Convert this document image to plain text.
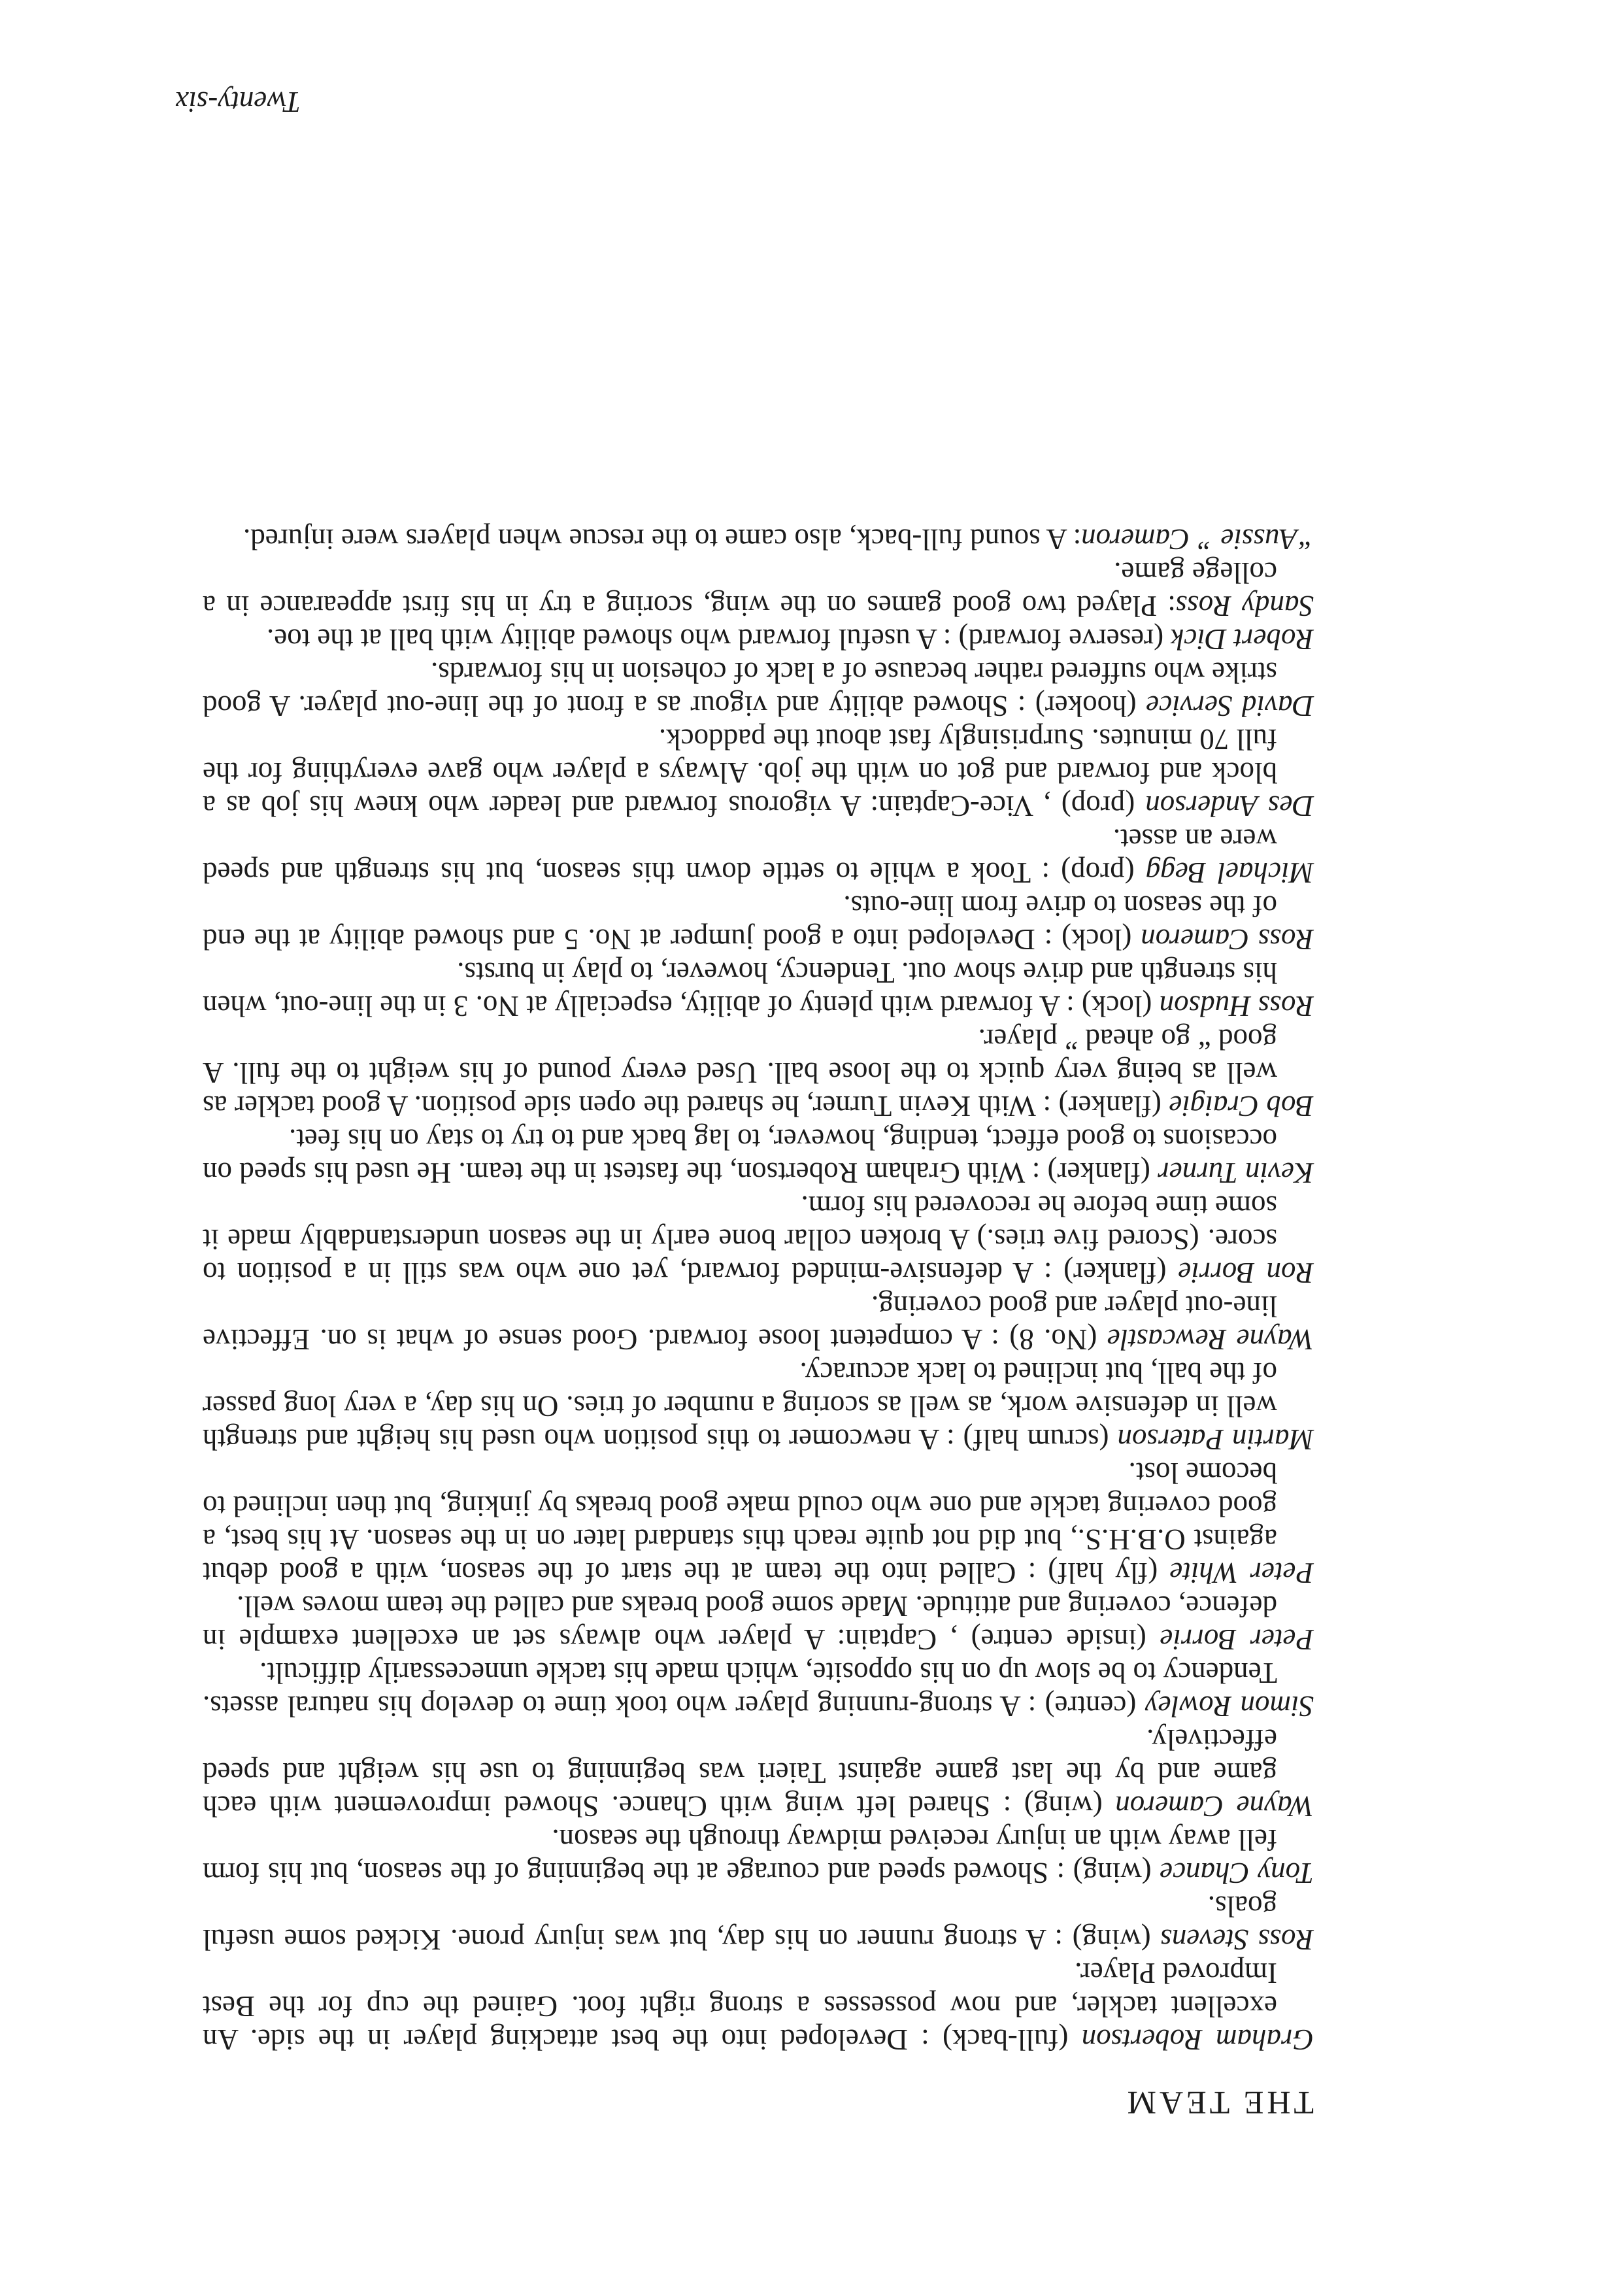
THE TEAM

Graham Robertson (full-back) : Developed into the best attacking player in the side. An excellent tackler, and now possesses a strong right foot. Gained the cup for the Best Improved Player.

Ross Stevens (wing) : A strong runner on his day, but was injury prone. Kicked some useful goals.

Tony Chance (wing) : Showed speed and courage at the beginning of the season, but his form fell away with an injury received midway through the season.

Wayne Cameron (wing) : Shared left wing with Chance. Showed improvement with each game and by the last game against Taieri was beginning to use his weight and speed effectively.

Simon Rowley (centre) : A strong-running player who took time to develop his natural assets. Tendency to be slow up on his opposite, which made his tackle unnecessarily difficult.

Peter Borrie (inside centre) , Captain: A player who always set an excellent example in defence, covering and attitude. Made some good breaks and called the team moves well.

Peter White (fly half) : Called into the team at the start of the season, with a good debut against O.B.H.S., but did not quite reach this standard later on in the season. At his best, a good covering tackle and one who could make good breaks by jinking, but then inclined to become lost.

Martin Paterson (scrum half) : A newcomer to this position who used his height and strength well in defensive work, as well as scoring a number of tries. On his day, a very long passer of the ball, but inclined to lack accuracy.

Wayne Rewcastle (No. 8) : A competent loose forward. Good sense of what is on. Effective line-out player and good covering.

Ron Borrie (flanker) : A defensive-minded forward, yet one who was still in a position to score. (Scored five tries.) A broken collar bone early in the season understandably made it some time before he recovered his form.

Kevin Turner (flanker) : With Graham Robertson, the fastest in the team. He used his speed on occasions to good effect, tending, however, to lag back and to try to stay on his feet.

Bob Craigie (flanker) : With Kevin Turner, he shared the open side position. A good tackler as well as being very quick to the loose ball. Used every pound of his weight to the full. A good “ go ahead ” player.

Ross Hudson (lock) : A forward with plenty of ability, especially at No. 3 in the line-out, when his strength and drive show out. Tendency, however, to play in bursts.

Ross Cameron (lock) : Developed into a good jumper at No. 5 and showed ability at the end of the season to drive from line-outs.

Michael Begg (prop) : Took a while to settle down this season, but his strength and speed were an asset.

Des Anderson (prop) , Vice-Captain: A vigorous forward and leader who knew his job as a block and forward and got on with the job. Always a player who gave everything for the full 70 minutes. Surprisingly fast about the paddock.

David Service (hooker) : Showed ability and vigour as a front of the line-out player. A good strike who suffered rather because of a lack of cohesion in his forwards.

Robert Dick (reserve forward) : A useful forward who showed ability with ball at the toe.

Sandy Ross: Played two good games on the wing, scoring a try in his first appearance in a college game.

“Aussie ” Cameron: A sound full-back, also came to the rescue when players were injured.

Twenty-six
